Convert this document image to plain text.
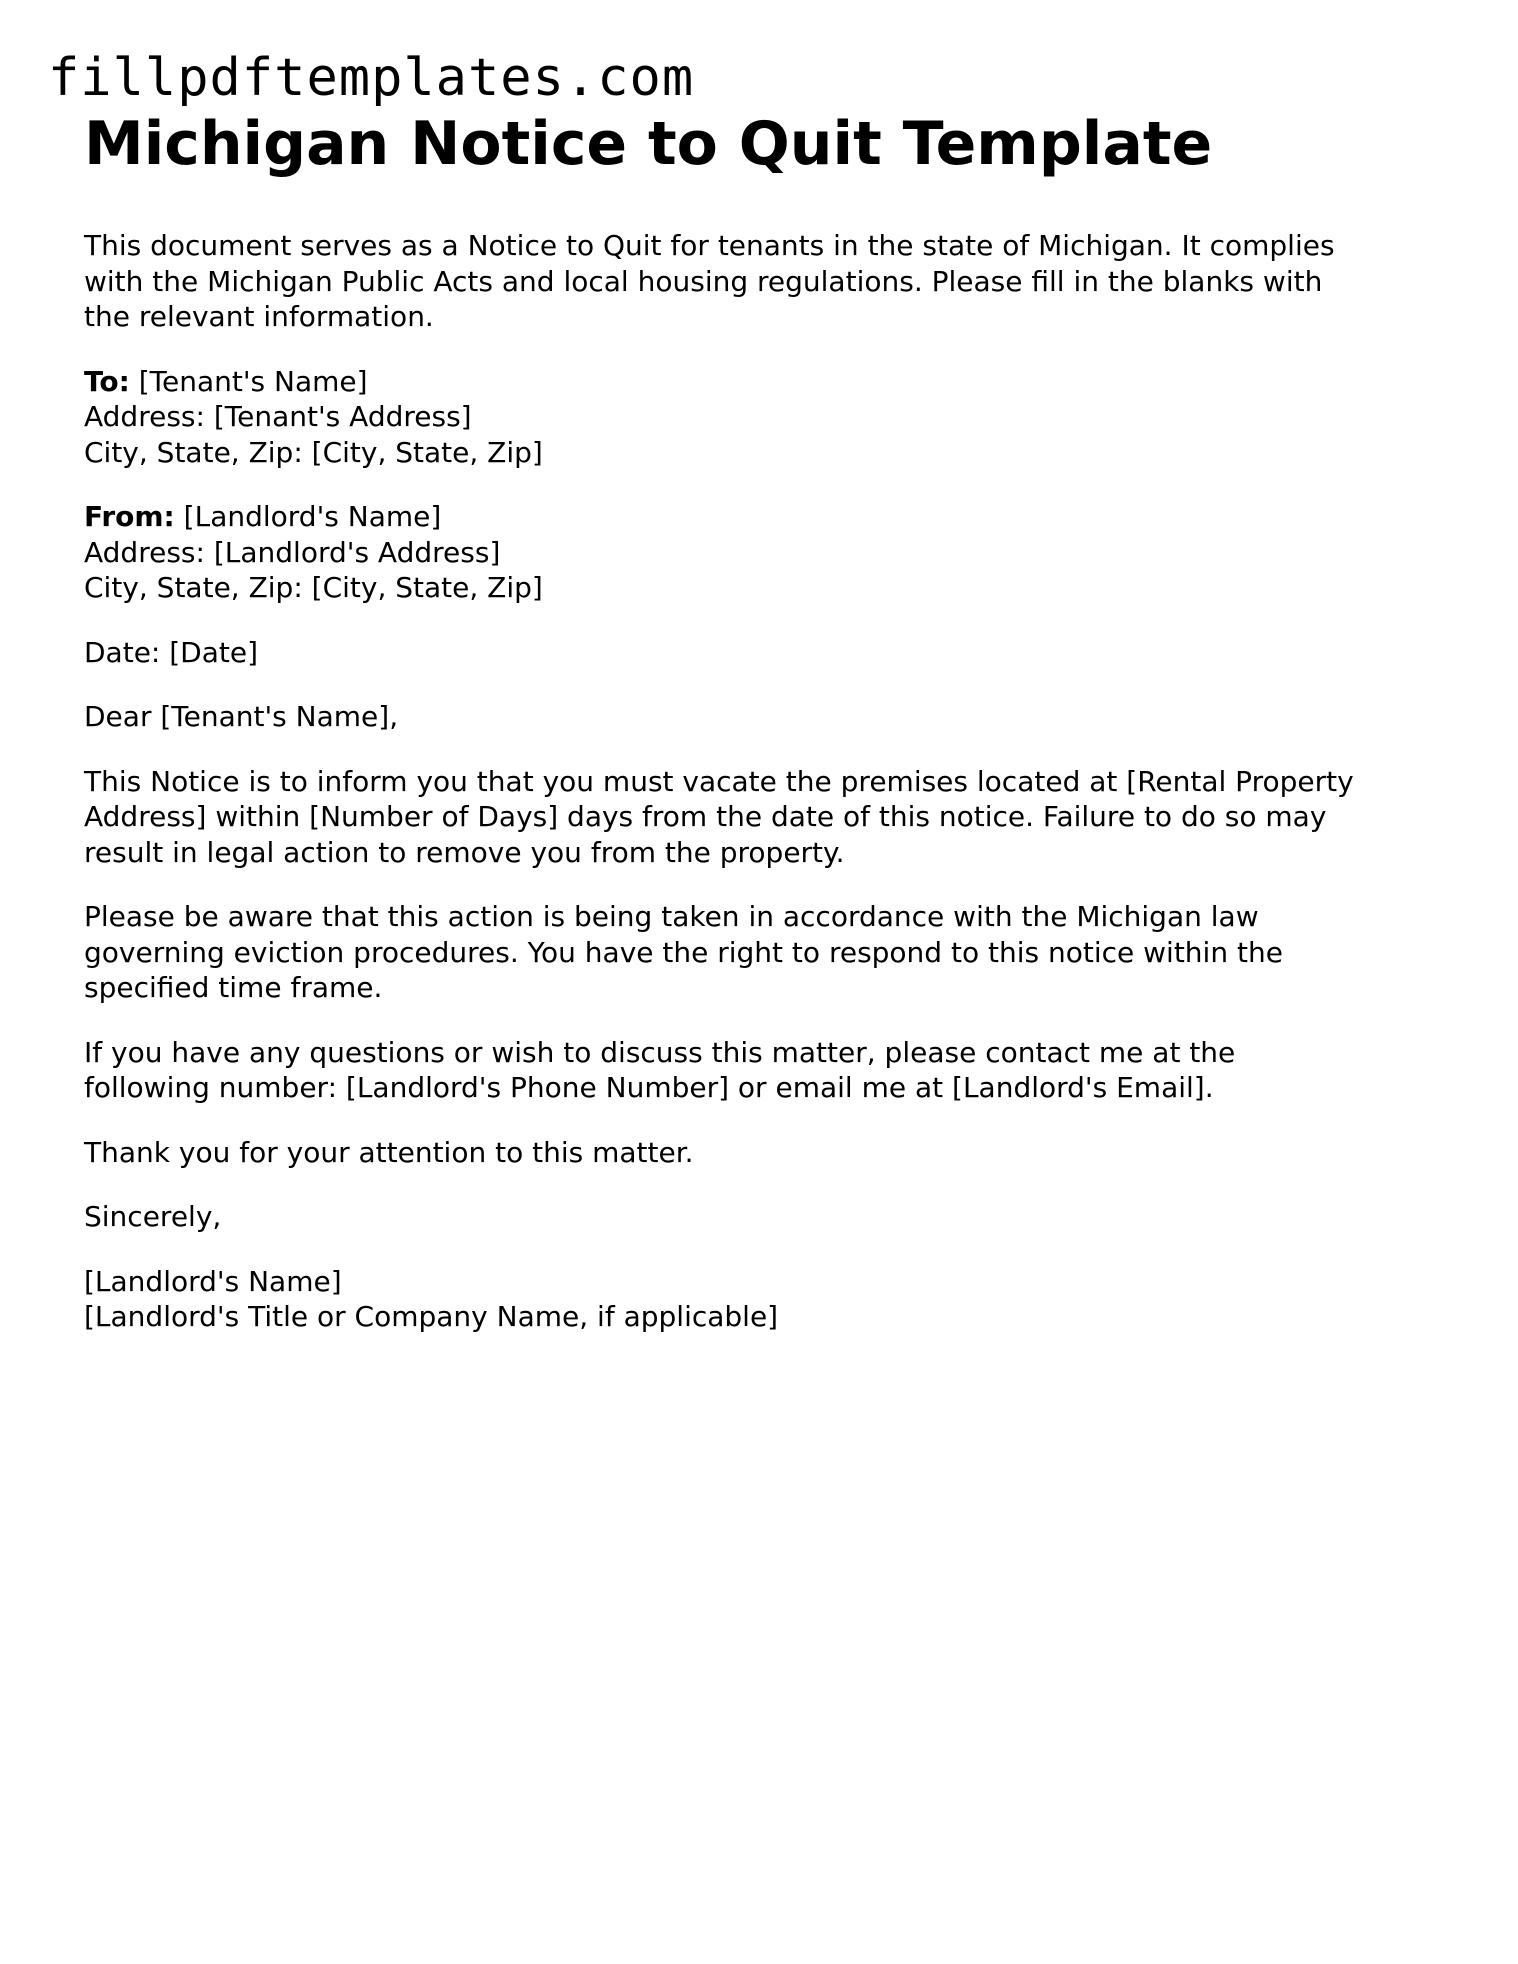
fillpdftemplates.com
Michigan Notice to Quit Template

This document serves as a Notice to Quit for tenants in the state of Michigan. It complies
with the Michigan Public Acts and local housing regulations. Please fill in the blanks with
the relevant information.

To: [Tenant's Name]
Address: [Tenant's Address]
City, State, Zip: [City, State, Zip]

From: [Landlord's Name]
Address: [Landlord's Address]
City, State, Zip: [City, State, Zip]

Date: [Date]

Dear [Tenant's Name],

This Notice is to inform you that you must vacate the premises located at [Rental Property
Address] within [Number of Days] days from the date of this notice. Failure to do so may
result in legal action to remove you from the property.

Please be aware that this action is being taken in accordance with the Michigan law
governing eviction procedures. You have the right to respond to this notice within the
specified time frame.

If you have any questions or wish to discuss this matter, please contact me at the
following number: [Landlord's Phone Number] or email me at [Landlord's Email].

Thank you for your attention to this matter.

Sincerely,

[Landlord's Name]
[Landlord's Title or Company Name, if applicable]
